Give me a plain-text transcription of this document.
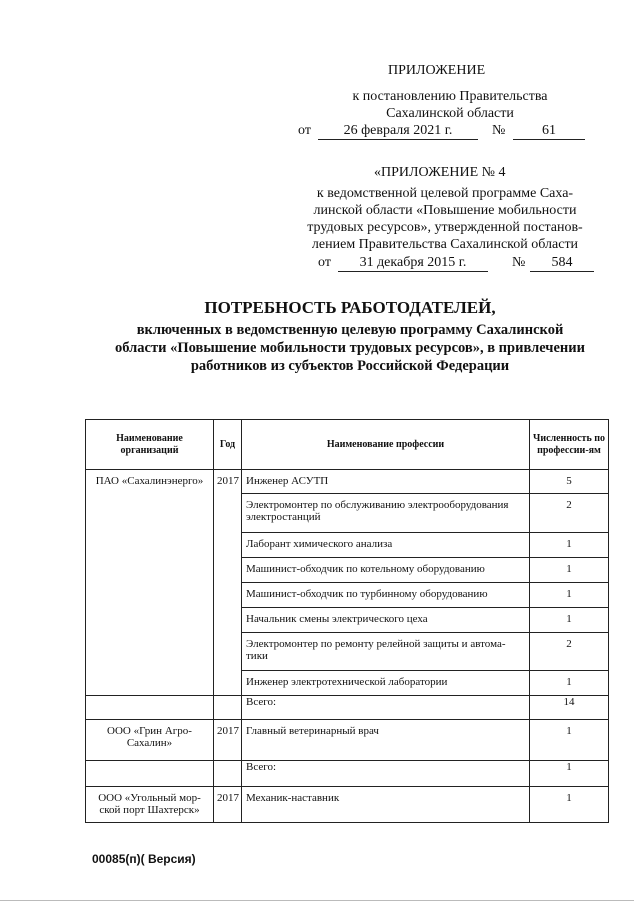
ПРИЛОЖЕНИЕ
к постановлению Правительства
Сахалинской области
от	26 февраля 2021 г.	№	61
«ПРИЛОЖЕНИЕ № 4
к ведомственной целевой программе Саха-
линской области «Повышение мобильности
трудовых ресурсов», утвержденной постанов-
лением Правительства Сахалинской области
от	31 декабря 2015 г.	№	584
ПОТРЕБНОСТЬ РАБОТОДАТЕЛЕЙ,
включенных в ведомственную целевую программу Сахалинской
области «Повышение мобильности трудовых ресурсов», в привлечении
работников из субъектов Российской Федерации
Наименование организаций	Год	Наименование профессии	Численность по профессии-ям
ПАО «Сахалинэнерго»	2017	Инженер АСУТП	5
		Электромонтер по обслуживанию электрооборудования электростанций	2
		Лаборант химического анализа	1
		Машинист-обходчик по котельному оборудованию	1
		Машинист-обходчик по турбинному оборудованию	1
		Начальник смены электрического цеха	1
		Электромонтер по ремонту релейной защиты и автома-тики	2
		Инженер электротехнической лаборатории	1
		Всего:	14
ООО «Грин Агро-Сахалин»	2017	Главный ветеринарный врач	1
		Всего:	1
ООО «Угольный мор-ской порт Шахтерск»	2017	Механик-наставник	1
00085(п)( Версия)
